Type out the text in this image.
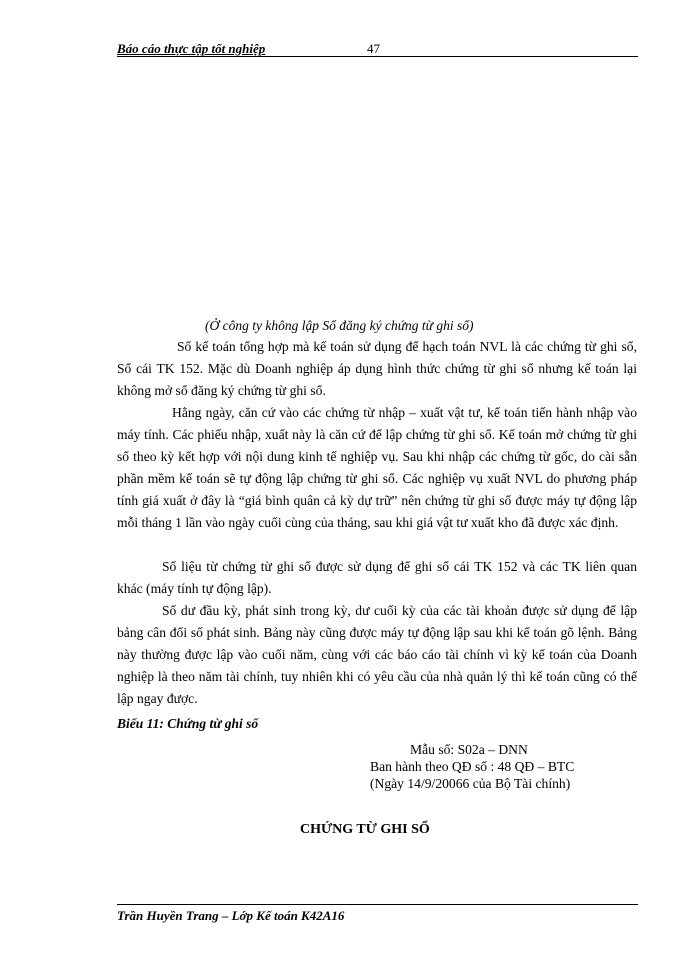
Báo cáo thực tập tốt nghiệp	47
(Ở công ty không lập Sổ đăng ký chứng từ ghi sổ)

Sổ kế toán tổng hợp mà kế toán sử dụng để hạch toán NVL là các chứng từ ghi sổ, Sổ cái TK 152. Mặc dù Doanh nghiệp áp dụng hình thức chứng từ ghi sổ nhưng kế toán lại không mở sổ đăng ký chứng từ ghi sổ.

Hằng ngày, căn cứ vào các chứng từ nhập – xuất vật tư, kế toán tiến hành nhập vào máy tính. Các phiếu nhập, xuất này là căn cứ để lập chứng từ ghi sổ. Kế toán mở chứng từ ghi sổ theo kỳ kết hợp với nội dung kinh tế nghiệp vụ. Sau khi nhập các chứng từ gốc, do cài sẵn phần mềm kế toán sẽ tự động lập chứng từ ghi sổ. Các nghiệp vụ xuất NVL do phương pháp tính giá xuất ở đây là “giá bình quân cả kỳ dự trữ” nên chứng từ ghi sổ được máy tự động lập mỗi tháng 1 lần vào ngày cuối cùng của tháng, sau khi giá vật tư xuất kho đã được xác định.

Số liệu từ chứng từ ghi sổ được sử dụng để ghi sổ cái TK 152 và các TK liên quan khác (máy tính tự động lập).

Số dư đầu kỳ, phát sinh trong kỳ, dư cuối kỳ của các tài khoản được sử dụng để lập bảng cân đối số phát sinh. Bảng này cũng được máy tự động lập sau khi kế toán gõ lệnh. Bảng này thường được lập vào cuối năm, cùng với các báo cáo tài chính vì kỳ kế toán của Doanh nghiệp là theo năm tài chính, tuy nhiên khi có yêu cầu của nhà quản lý thì kế toán cũng có thể lập ngay được.

Biểu 11: Chứng từ ghi sổ
Mẫu số: S02a – DNN
Ban hành theo QĐ số : 48 QĐ – BTC
(Ngày 14/9/20066 của Bộ Tài chính)
CHỨNG TỪ GHI SỔ
Trần Huyền Trang – Lớp Kế toán K42A16
